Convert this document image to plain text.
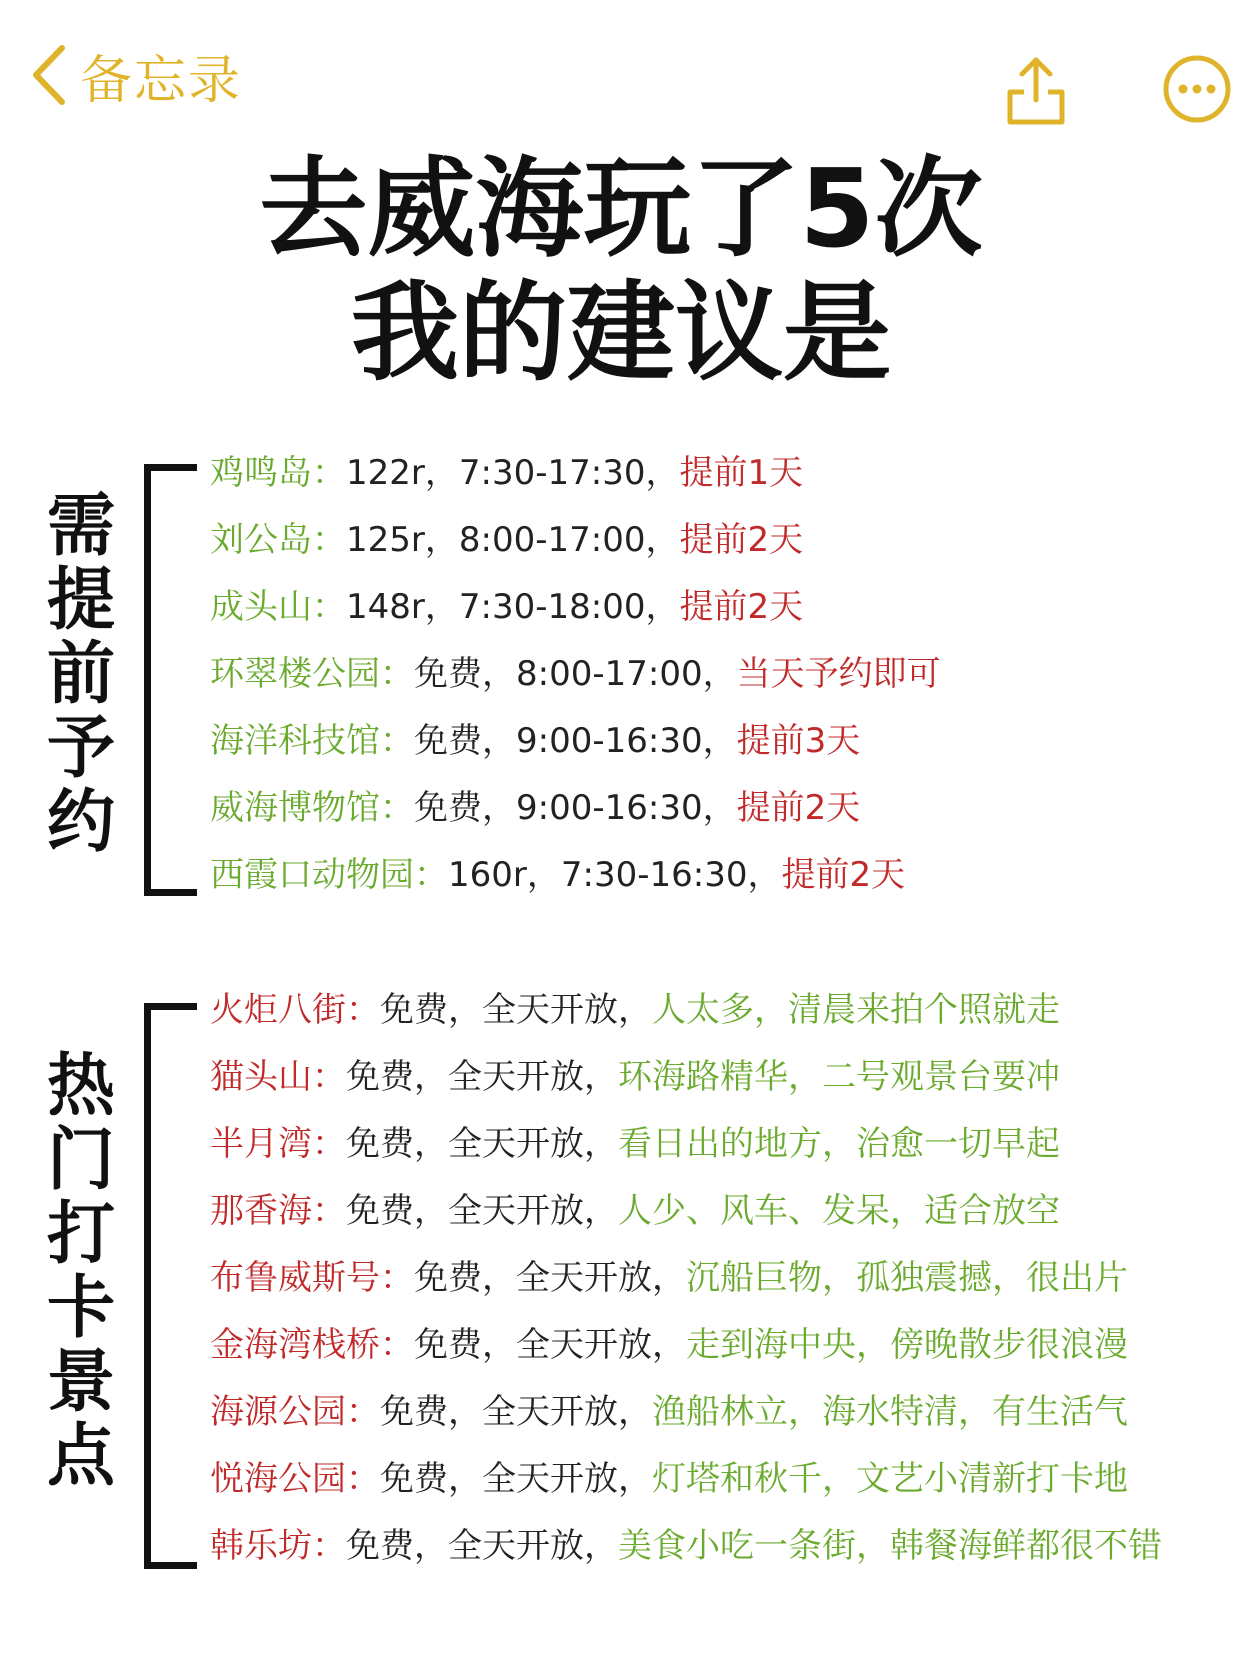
备忘录
去威海玩了5次
我的建议是
需
提
前
予
约
鸡鸣岛：122r，7:30-17:30，提前1天
刘公岛：125r，8:00-17:00，提前2天
成头山：148r，7:30-18:00，提前2天
环翠楼公园：免费，8:00-17:00，当天予约即可
海洋科技馆：免费，9:00-16:30，提前3天
威海博物馆：免费，9:00-16:30，提前2天
西霞口动物园：160r，7:30-16:30，提前2天
热
门
打
卡
景
点
火炬八街：免费，全天开放，人太多，清晨来拍个照就走
猫头山：免费，全天开放，环海路精华，二号观景台要冲
半月湾：免费，全天开放，看日出的地方，治愈一切早起
那香海：免费，全天开放，人少、风车、发呆，适合放空
布鲁威斯号：免费，全天开放，沉船巨物，孤独震撼，很出片
金海湾栈桥：免费，全天开放，走到海中央，傍晚散步很浪漫
海源公园：免费，全天开放，渔船林立，海水特清，有生活气
悦海公园：免费，全天开放，灯塔和秋千，文艺小清新打卡地
韩乐坊：免费，全天开放，美食小吃一条街，韩餐海鲜都很不错
